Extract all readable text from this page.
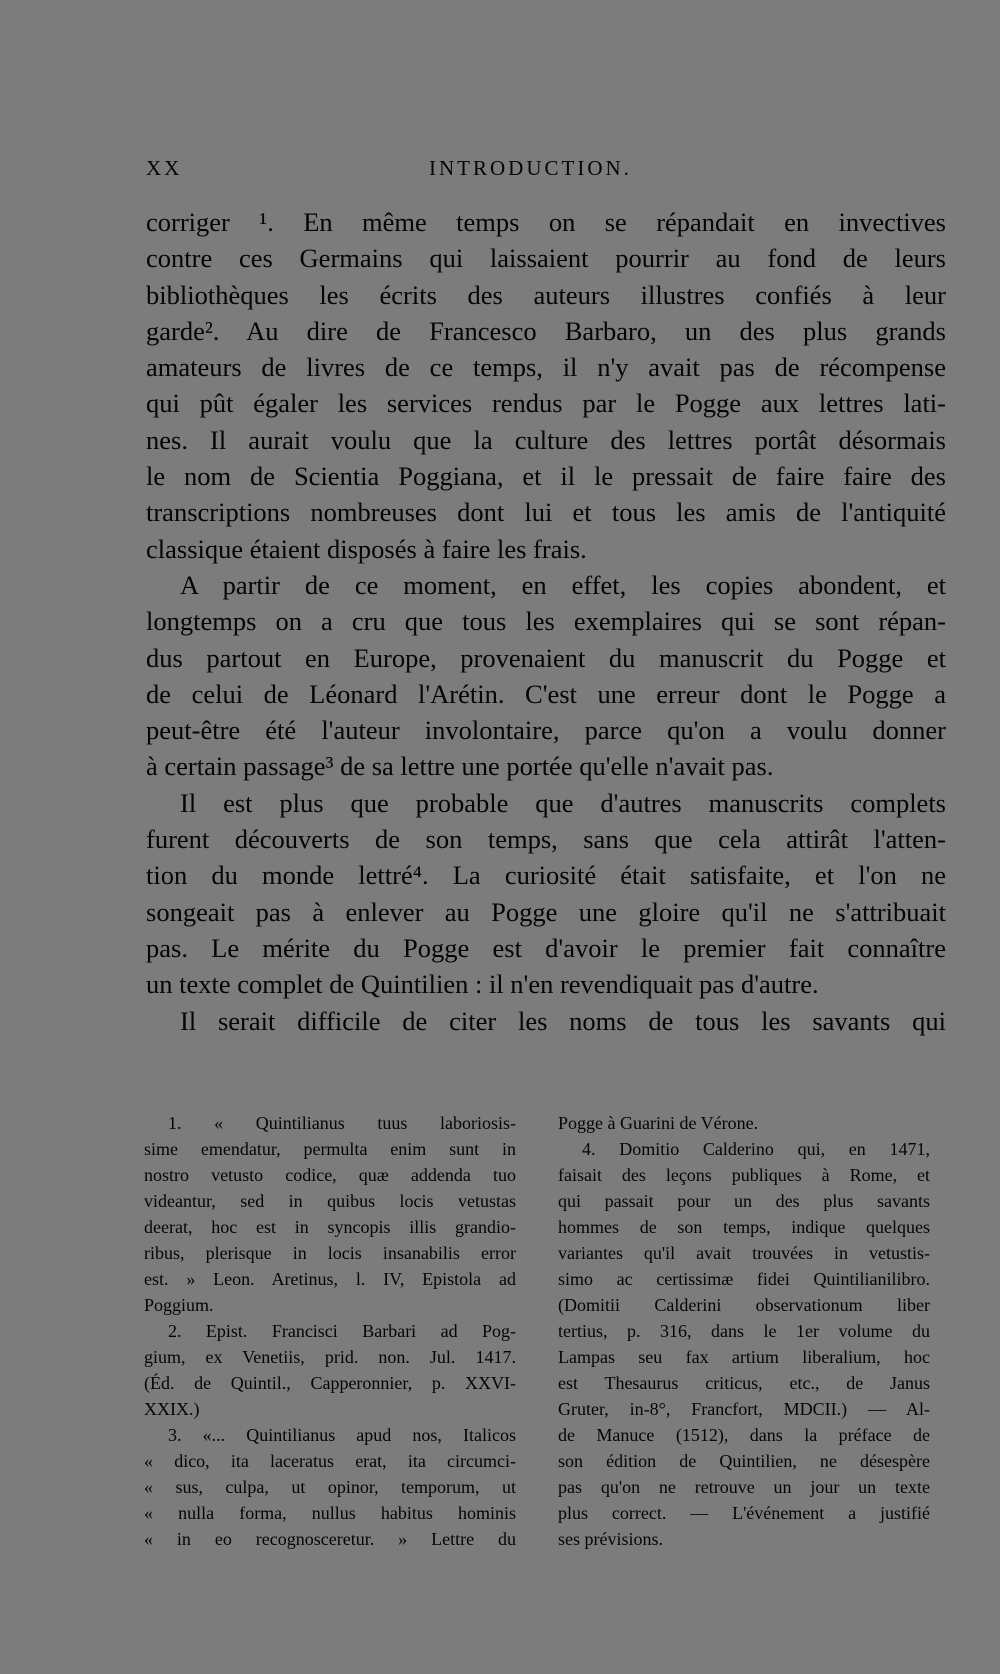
XX	INTRODUCTION.
corriger ¹. En même temps on se répandait en invectives
contre ces Germains qui laissaient pourrir au fond de leurs
bibliothèques les écrits des auteurs illustres confiés à leur
garde². Au dire de Francesco Barbaro, un des plus grands
amateurs de livres de ce temps, il n'y avait pas de récompense
qui pût égaler les services rendus par le Pogge aux lettres lati-
nes. Il aurait voulu que la culture des lettres portât désormais
le nom de Scientia Poggiana, et il le pressait de faire faire des
transcriptions nombreuses dont lui et tous les amis de l'antiquité
classique étaient disposés à faire les frais.
A partir de ce moment, en effet, les copies abondent, et
longtemps on a cru que tous les exemplaires qui se sont répan-
dus partout en Europe, provenaient du manuscrit du Pogge et
de celui de Léonard l'Arétin. C'est une erreur dont le Pogge a
peut-être été l'auteur involontaire, parce qu'on a voulu donner
à certain passage³ de sa lettre une portée qu'elle n'avait pas.
Il est plus que probable que d'autres manuscrits complets
furent découverts de son temps, sans que cela attirât l'atten-
tion du monde lettré⁴. La curiosité était satisfaite, et l'on ne
songeait pas à enlever au Pogge une gloire qu'il ne s'attribuait
pas. Le mérite du Pogge est d'avoir le premier fait connaître
un texte complet de Quintilien : il n'en revendiquait pas d'autre.
Il serait difficile de citer les noms de tous les savants qui
1. « Quintilianus tuus laboriosis-
sime emendatur, permulta enim sunt in
nostro vetusto codice, quæ addenda tuo
videantur, sed in quibus locis vetustas
deerat, hoc est in syncopis illis grandio-
ribus, plerisque in locis insanabilis error
est. » Leon. Aretinus, l. IV, Epistola ad
Poggium.
2. Epist. Francisci Barbari ad Pog-
gium, ex Venetiis, prid. non. Jul. 1417.
(Éd. de Quintil., Capperonnier, p. XXVI-
XXIX.)
3. «... Quintilianus apud nos, Italicos
« dico, ita laceratus erat, ita circumci-
« sus, culpa, ut opinor, temporum, ut
« nulla forma, nullus habitus hominis
« in eo recognosceretur. » Lettre du
Pogge à Guarini de Vérone.
4. Domitio Calderino qui, en 1471,
faisait des leçons publiques à Rome, et
qui passait pour un des plus savants
hommes de son temps, indique quelques
variantes qu'il avait trouvées in vetustis-
simo ac certissimæ fidei Quintilianilibro.
(Domitii Calderini observationum liber
tertius, p. 316, dans le 1er volume du
Lampas seu fax artium liberalium, hoc
est Thesaurus criticus, etc., de Janus
Gruter, in-8°, Francfort, MDCII.) — Al-
de Manuce (1512), dans la préface de
son édition de Quintilien, ne désespère
pas qu'on ne retrouve un jour un texte
plus correct. — L'événement a justifié
ses prévisions.
